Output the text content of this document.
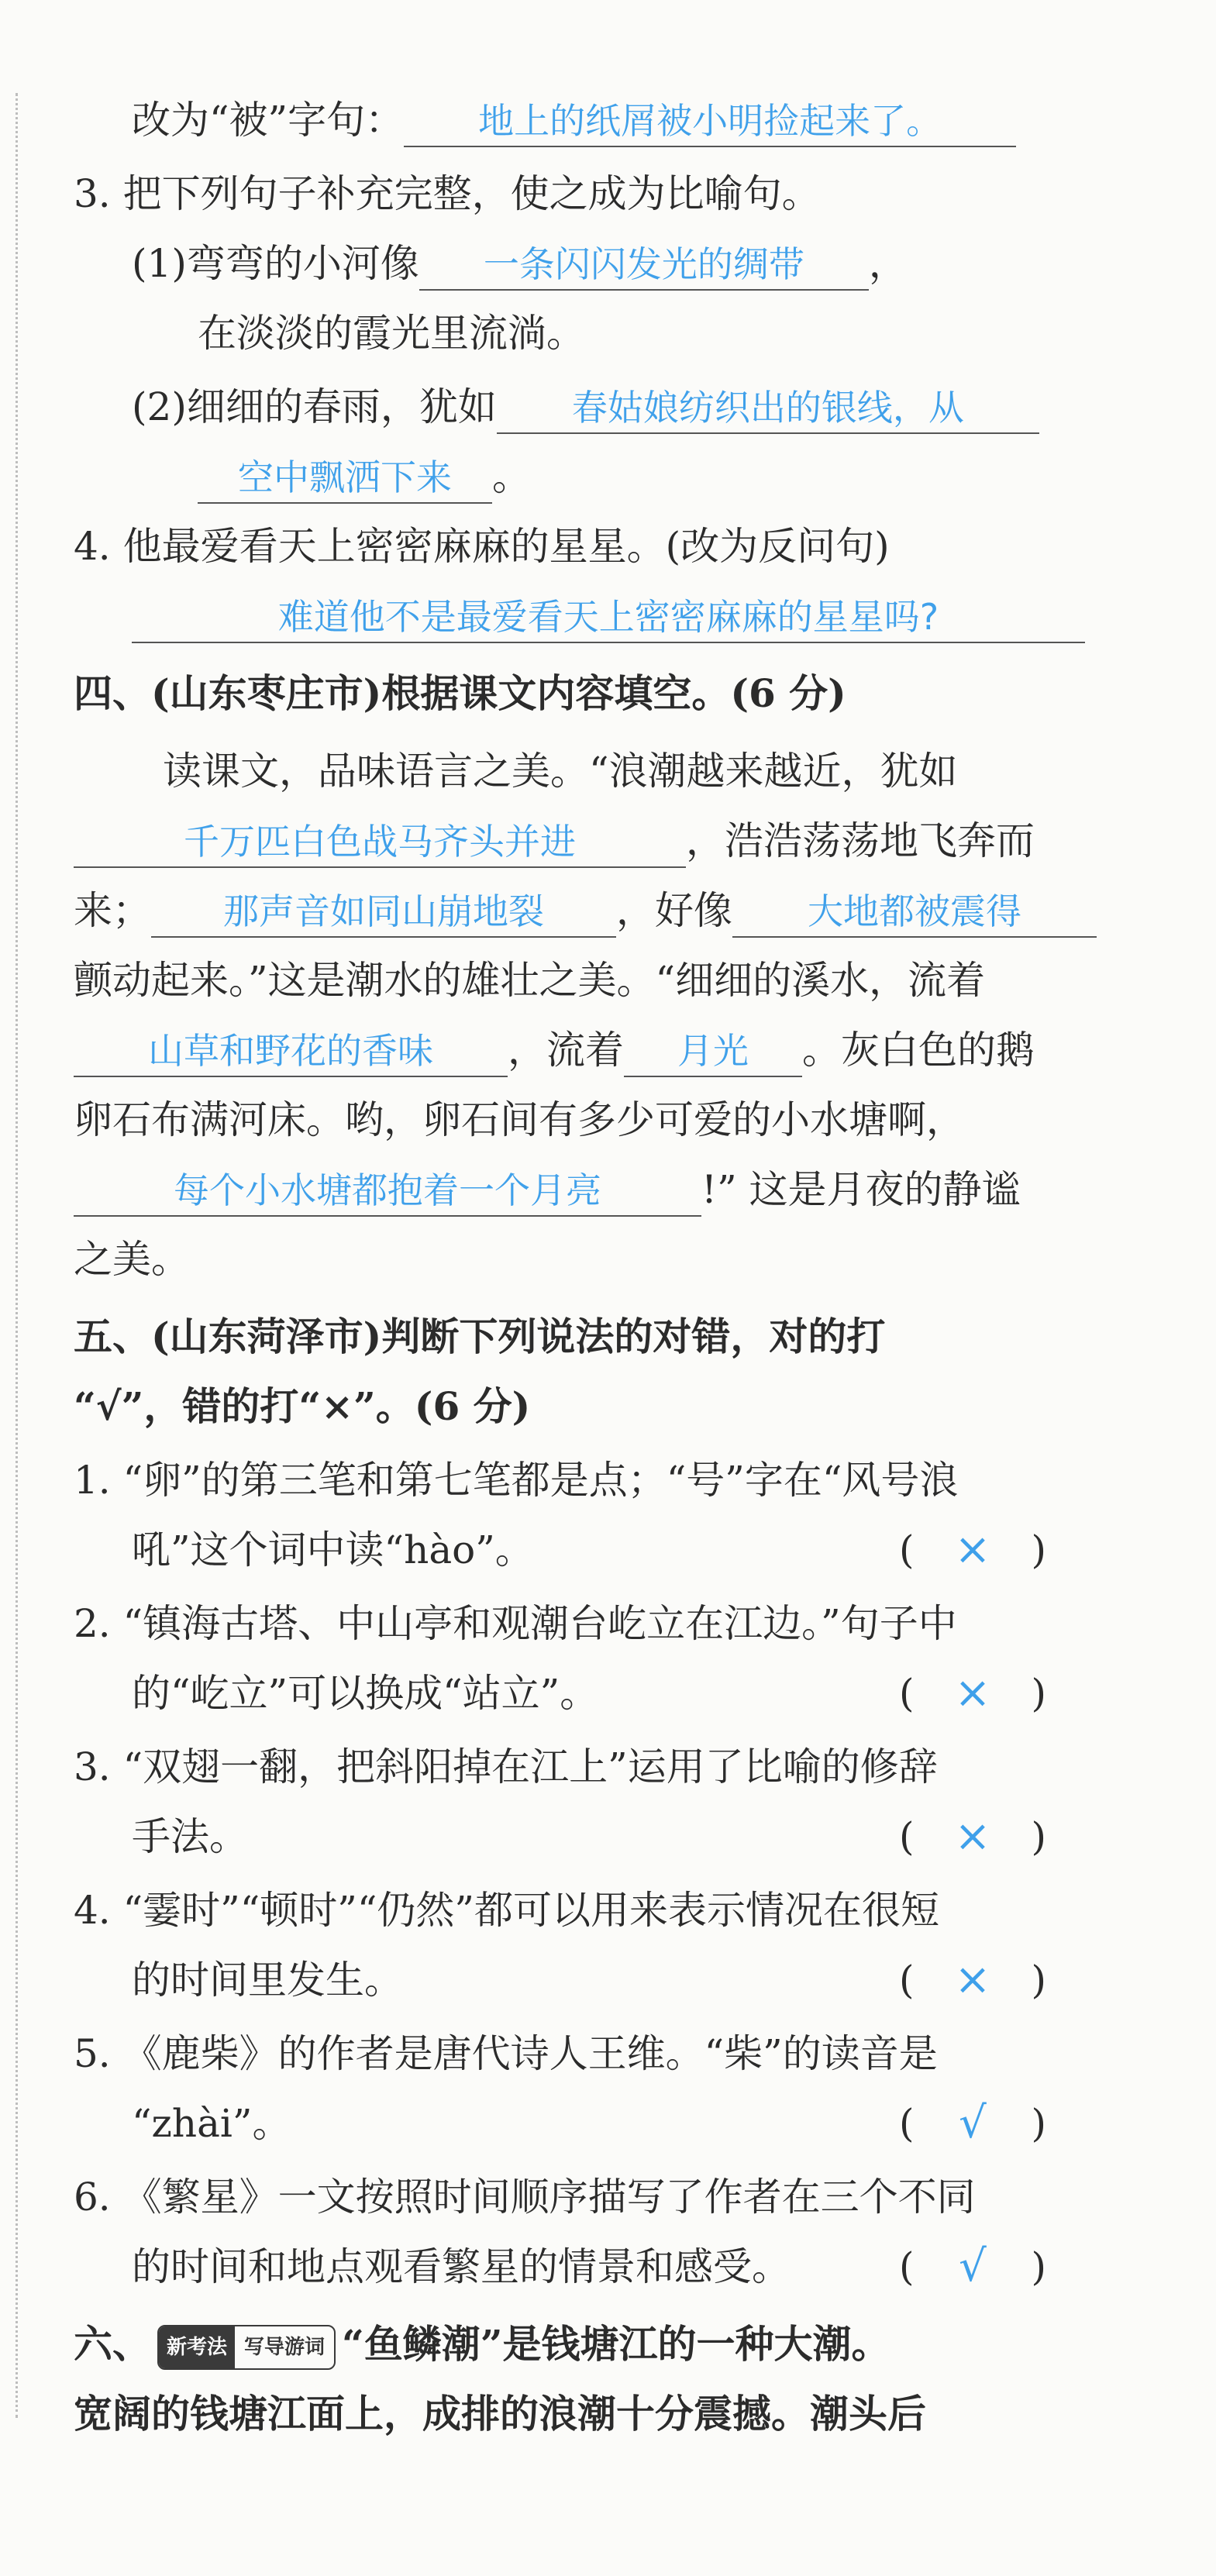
改为“被”字句： 地上的纸屑被小明捡起来了。
3. 把下列句子补充完整，使之成为比喻句。
(1)弯弯的小河像 一条闪闪发光的绸带 ，
在淡淡的霞光里流淌。
(2)细细的春雨，犹如 春姑娘纺织出的银线，从
空中飘洒下来 。
4. 他最爱看天上密密麻麻的星星。(改为反问句)
难道他不是最爱看天上密密麻麻的星星吗?
四、(山东枣庄市)根据课文内容填空。(6 分)
读课文，品味语言之美。“浪潮越来越近，犹如
千万匹白色战马齐头并进	，浩浩荡荡地飞奔而
来； 那声音如同山崩地裂 ，好像 大地都被震得
颤动起来。”这是潮水的雄壮之美。“细细的溪水，流着
山草和野花的香味 ，流着 月光 。灰白色的鹅
卵石布满河床。哟，卵石间有多少可爱的小水塘啊，
每个小水塘都抱着一个月亮	!” 这是月夜的静谧
之美。
五、(山东菏泽市)判断下列说法的对错，对的打
“√”，错的打“×”。(6 分)
1. “卵”的第三笔和第七笔都是点；“号”字在“风号浪
吼”这个词中读“hào”。	( × )
2. “镇海古塔、中山亭和观潮台屹立在江边。”句子中
的“屹立”可以换成“站立”。	( × )
3. “双翅一翻，把斜阳掉在江上”运用了比喻的修辞
手法。	( × )
4. “霎时”“顿时”“仍然”都可以用来表示情况在很短
的时间里发生。	( × )
5. 《鹿柴》的作者是唐代诗人王维。“柴”的读音是
“zhài”。	( √ )
6. 《繁星》一文按照时间顺序描写了作者在三个不同
的时间和地点观看繁星的情景和感受。	( √ )
六、 新考法 写导游词 “鱼鳞潮”是钱塘江的一种大潮。
宽阔的钱塘江面上，成排的浪潮十分震撼。潮头后
